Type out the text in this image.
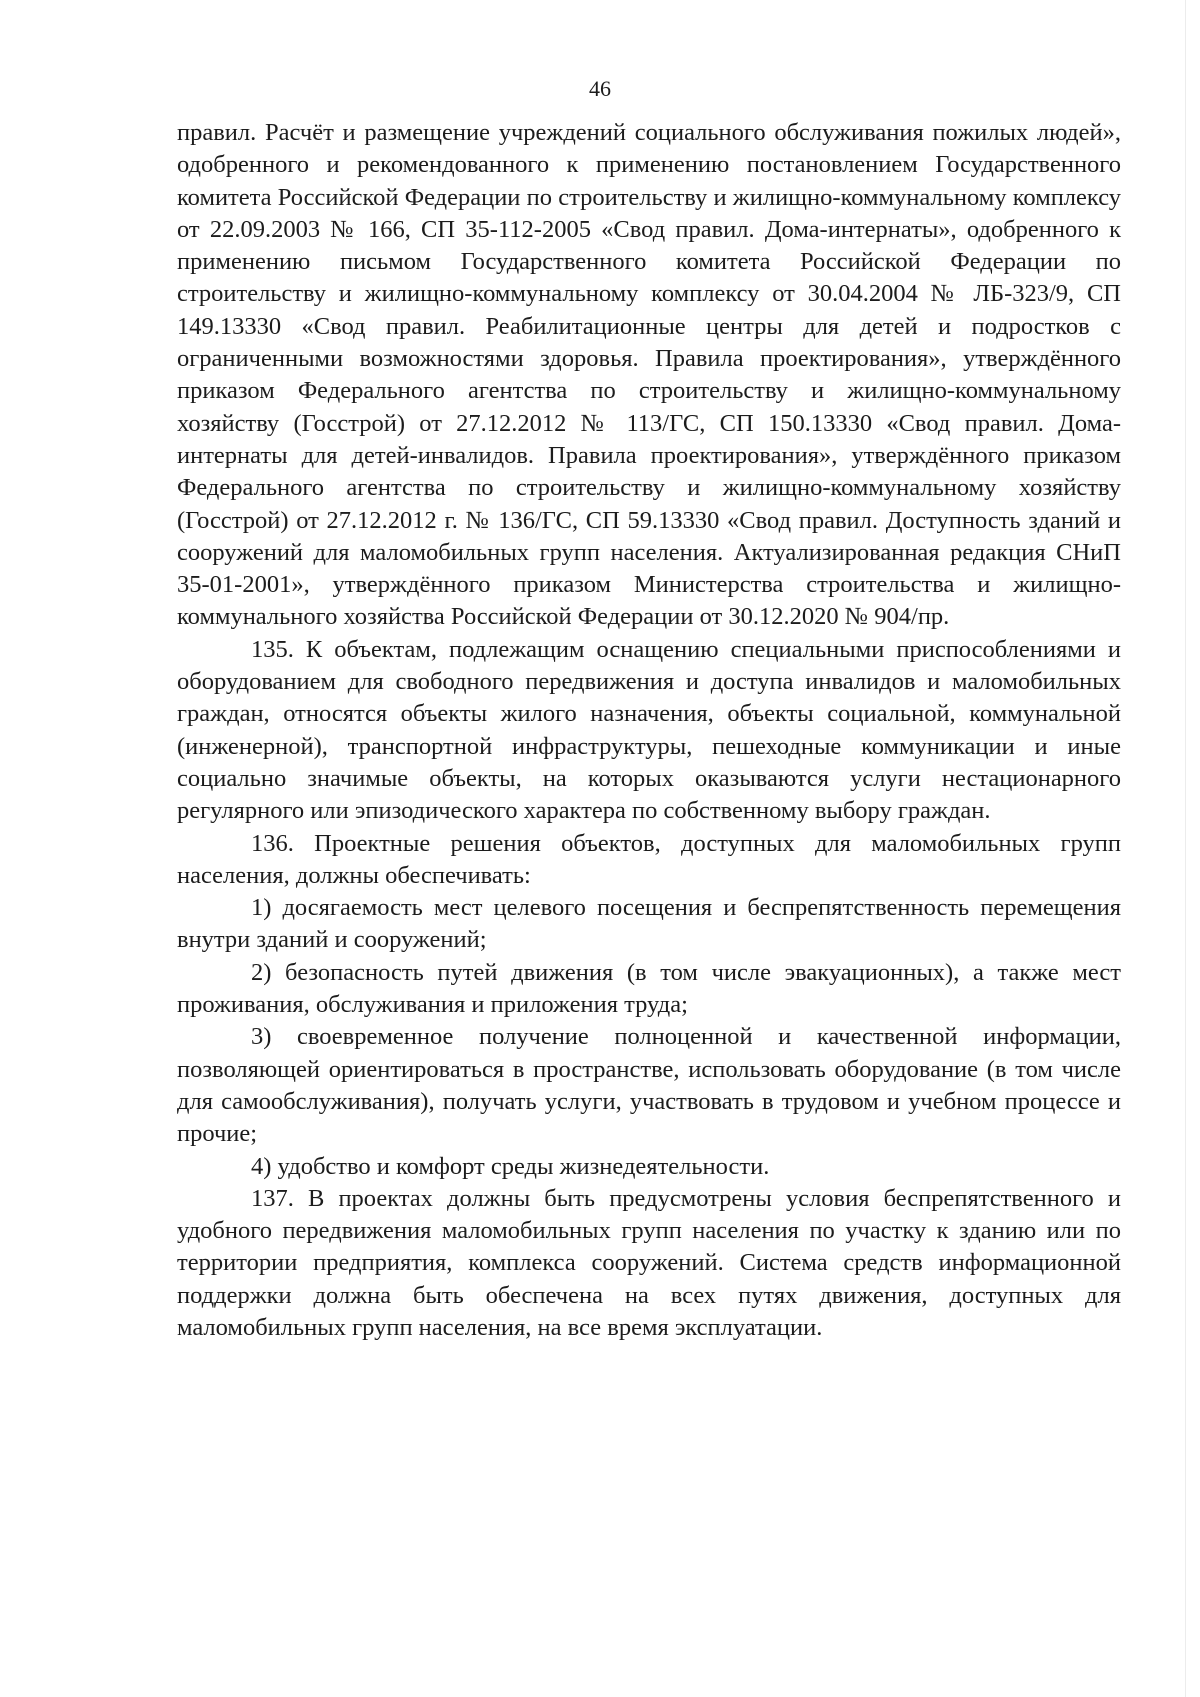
46

правил. Расчёт и размещение учреждений социального обслуживания пожилых людей», одобренного и рекомендованного к применению постановлением Государственного комитета Российской Федерации по строительству и жилищно-коммунальному комплексу от 22.09.2003 № 166, СП 35-112-2005 «Свод правил. Дома-интернаты», одобренного к применению письмом Государственного комитета Российской Федерации по строительству и жилищно-коммунальному комплексу от 30.04.2004 № ЛБ-323/9, СП 149.13330 «Свод правил. Реабилитационные центры для детей и подростков с ограниченными возможностями здоровья. Правила проектирования», утверждённого приказом Федерального агентства по строительству и жилищно-коммунальному хозяйству (Госстрой) от 27.12.2012 № 113/ГС, СП 150.13330 «Свод правил. Дома-интернаты для детей-инвалидов. Правила проектирования», утверждённого приказом Федерального агентства по строительству и жилищно-коммунальному хозяйству (Госстрой) от 27.12.2012 г. № 136/ГС, СП 59.13330 «Свод правил. Доступность зданий и сооружений для маломобильных групп населения. Актуализированная редакция СНиП 35-01-2001», утверждённого приказом Министерства строительства и жилищно-коммунального хозяйства Российской Федерации от 30.12.2020 № 904/пр.

135. К объектам, подлежащим оснащению специальными приспособлениями и оборудованием для свободного передвижения и доступа инвалидов и маломобильных граждан, относятся объекты жилого назначения, объекты социальной, коммунальной (инженерной), транспортной инфраструктуры, пешеходные коммуникации и иные социально значимые объекты, на которых оказываются услуги нестационарного регулярного или эпизодического характера по собственному выбору граждан.

136. Проектные решения объектов, доступных для маломобильных групп населения, должны обеспечивать:

1) досягаемость мест целевого посещения и беспрепятственность перемещения внутри зданий и сооружений;

2) безопасность путей движения (в том числе эвакуационных), а также мест проживания, обслуживания и приложения труда;

3) своевременное получение полноценной и качественной информации, позволяющей ориентироваться в пространстве, использовать оборудование (в том числе для самообслуживания), получать услуги, участвовать в трудовом и учебном процессе и прочие;

4) удобство и комфорт среды жизнедеятельности.

137. В проектах должны быть предусмотрены условия беспрепятственного и удобного передвижения маломобильных групп населения по участку к зданию или по территории предприятия, комплекса сооружений. Система средств информационной поддержки должна быть обеспечена на всех путях движения, доступных для маломобильных групп населения, на все время эксплуатации.
